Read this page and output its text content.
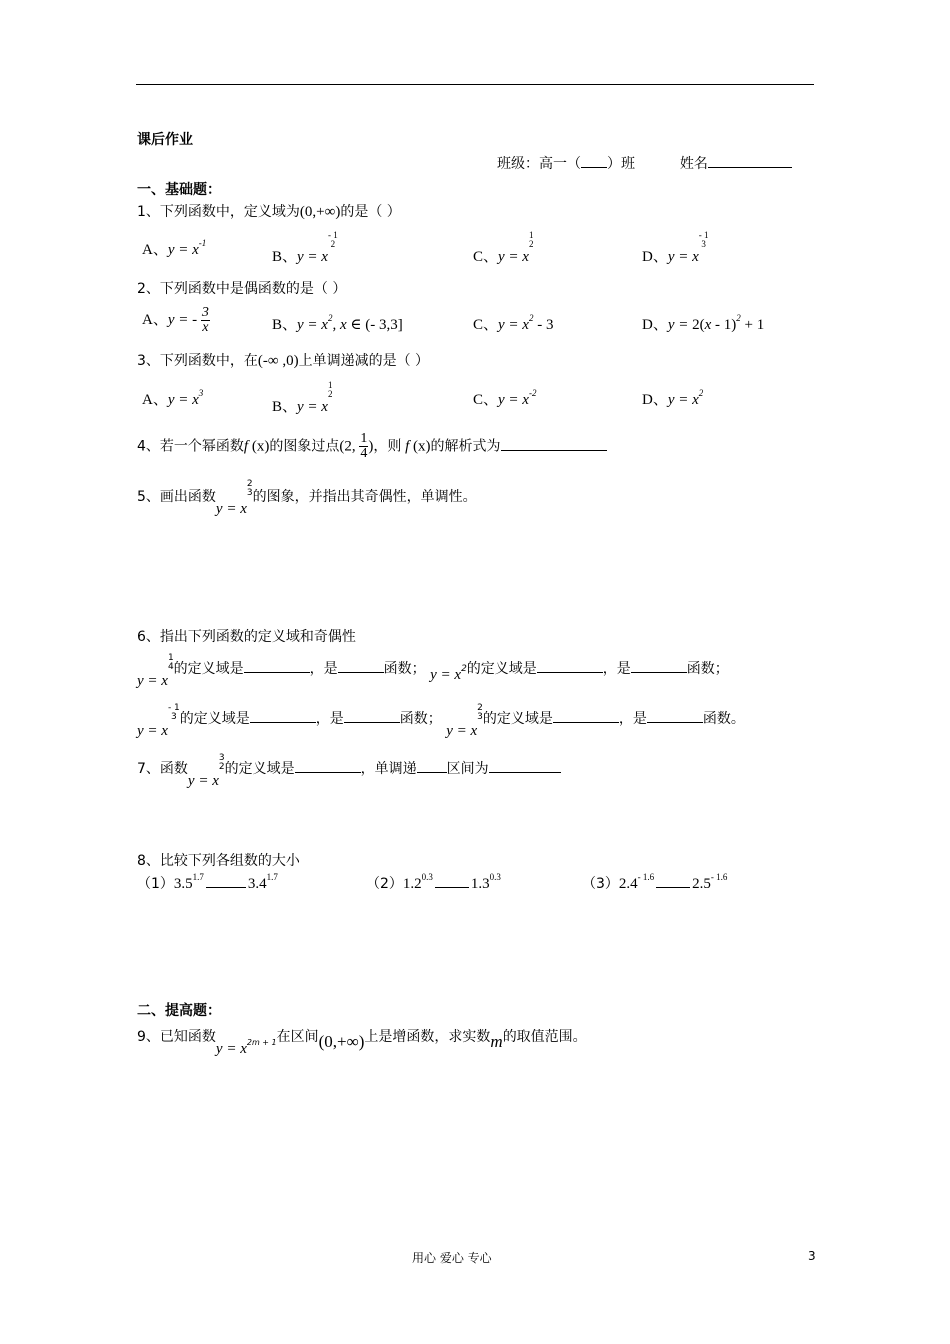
课后作业
班级：高一（ ）班	姓名
一、基础题：
1、下列函数中，定义域为(0,+∞)的是（ ）
A、$y = x^{-1}$
B、y = x
- 1
2
C、y = x
1
2
D、y = x
- 1
3
2、下列函数中是偶函数的是（ ）
A、y = - $\frac{3}{x}$	B、$y = x^2$, x ∈ (- 3,3]	C、$y = x^2 - 3$	D、y = 2(x - 1)$^2$ + 1
3、下列函数中，在(-∞ ,0)上单调递减的是（ ）
A、$y = x^3$
B、y = x
1
2	C、$y = x^{-2}$	D、$y = x^2$
4、若一个幂函数f (x)的图象过点(2, $\frac{1}{4}$ )，则 f (x)的解析式为
5、画出函数y = x
2
3 的图象，并指出其奇偶性，单调性。
6、指出下列函数的定义域和奇偶性
y = x
1
4 的定义域是	，是	函数； y = x2的定义域是	，是	函数；
y = x
- 1
3 的定义域是	，是	函数； y = x
2
3 的定义域是	，是	函数。
7、函数y = x
3
2 的定义域是	，单调递 区间为
8、比较下列各组数的大小
$(1)3.5^{1.7}$	$3.4^{1.7}$	$(2)1.2^{0.3}$	$1.3^{0.3}$	$(3)2.4^{- 1.6}$	$2.5^{- 1.6}$
二、提高题：
9、已知函数$y = x_{2m + 1}$在区间(0,+∞)上是增函数，求实数m的取值范围。
用心 爱心 专心	3
